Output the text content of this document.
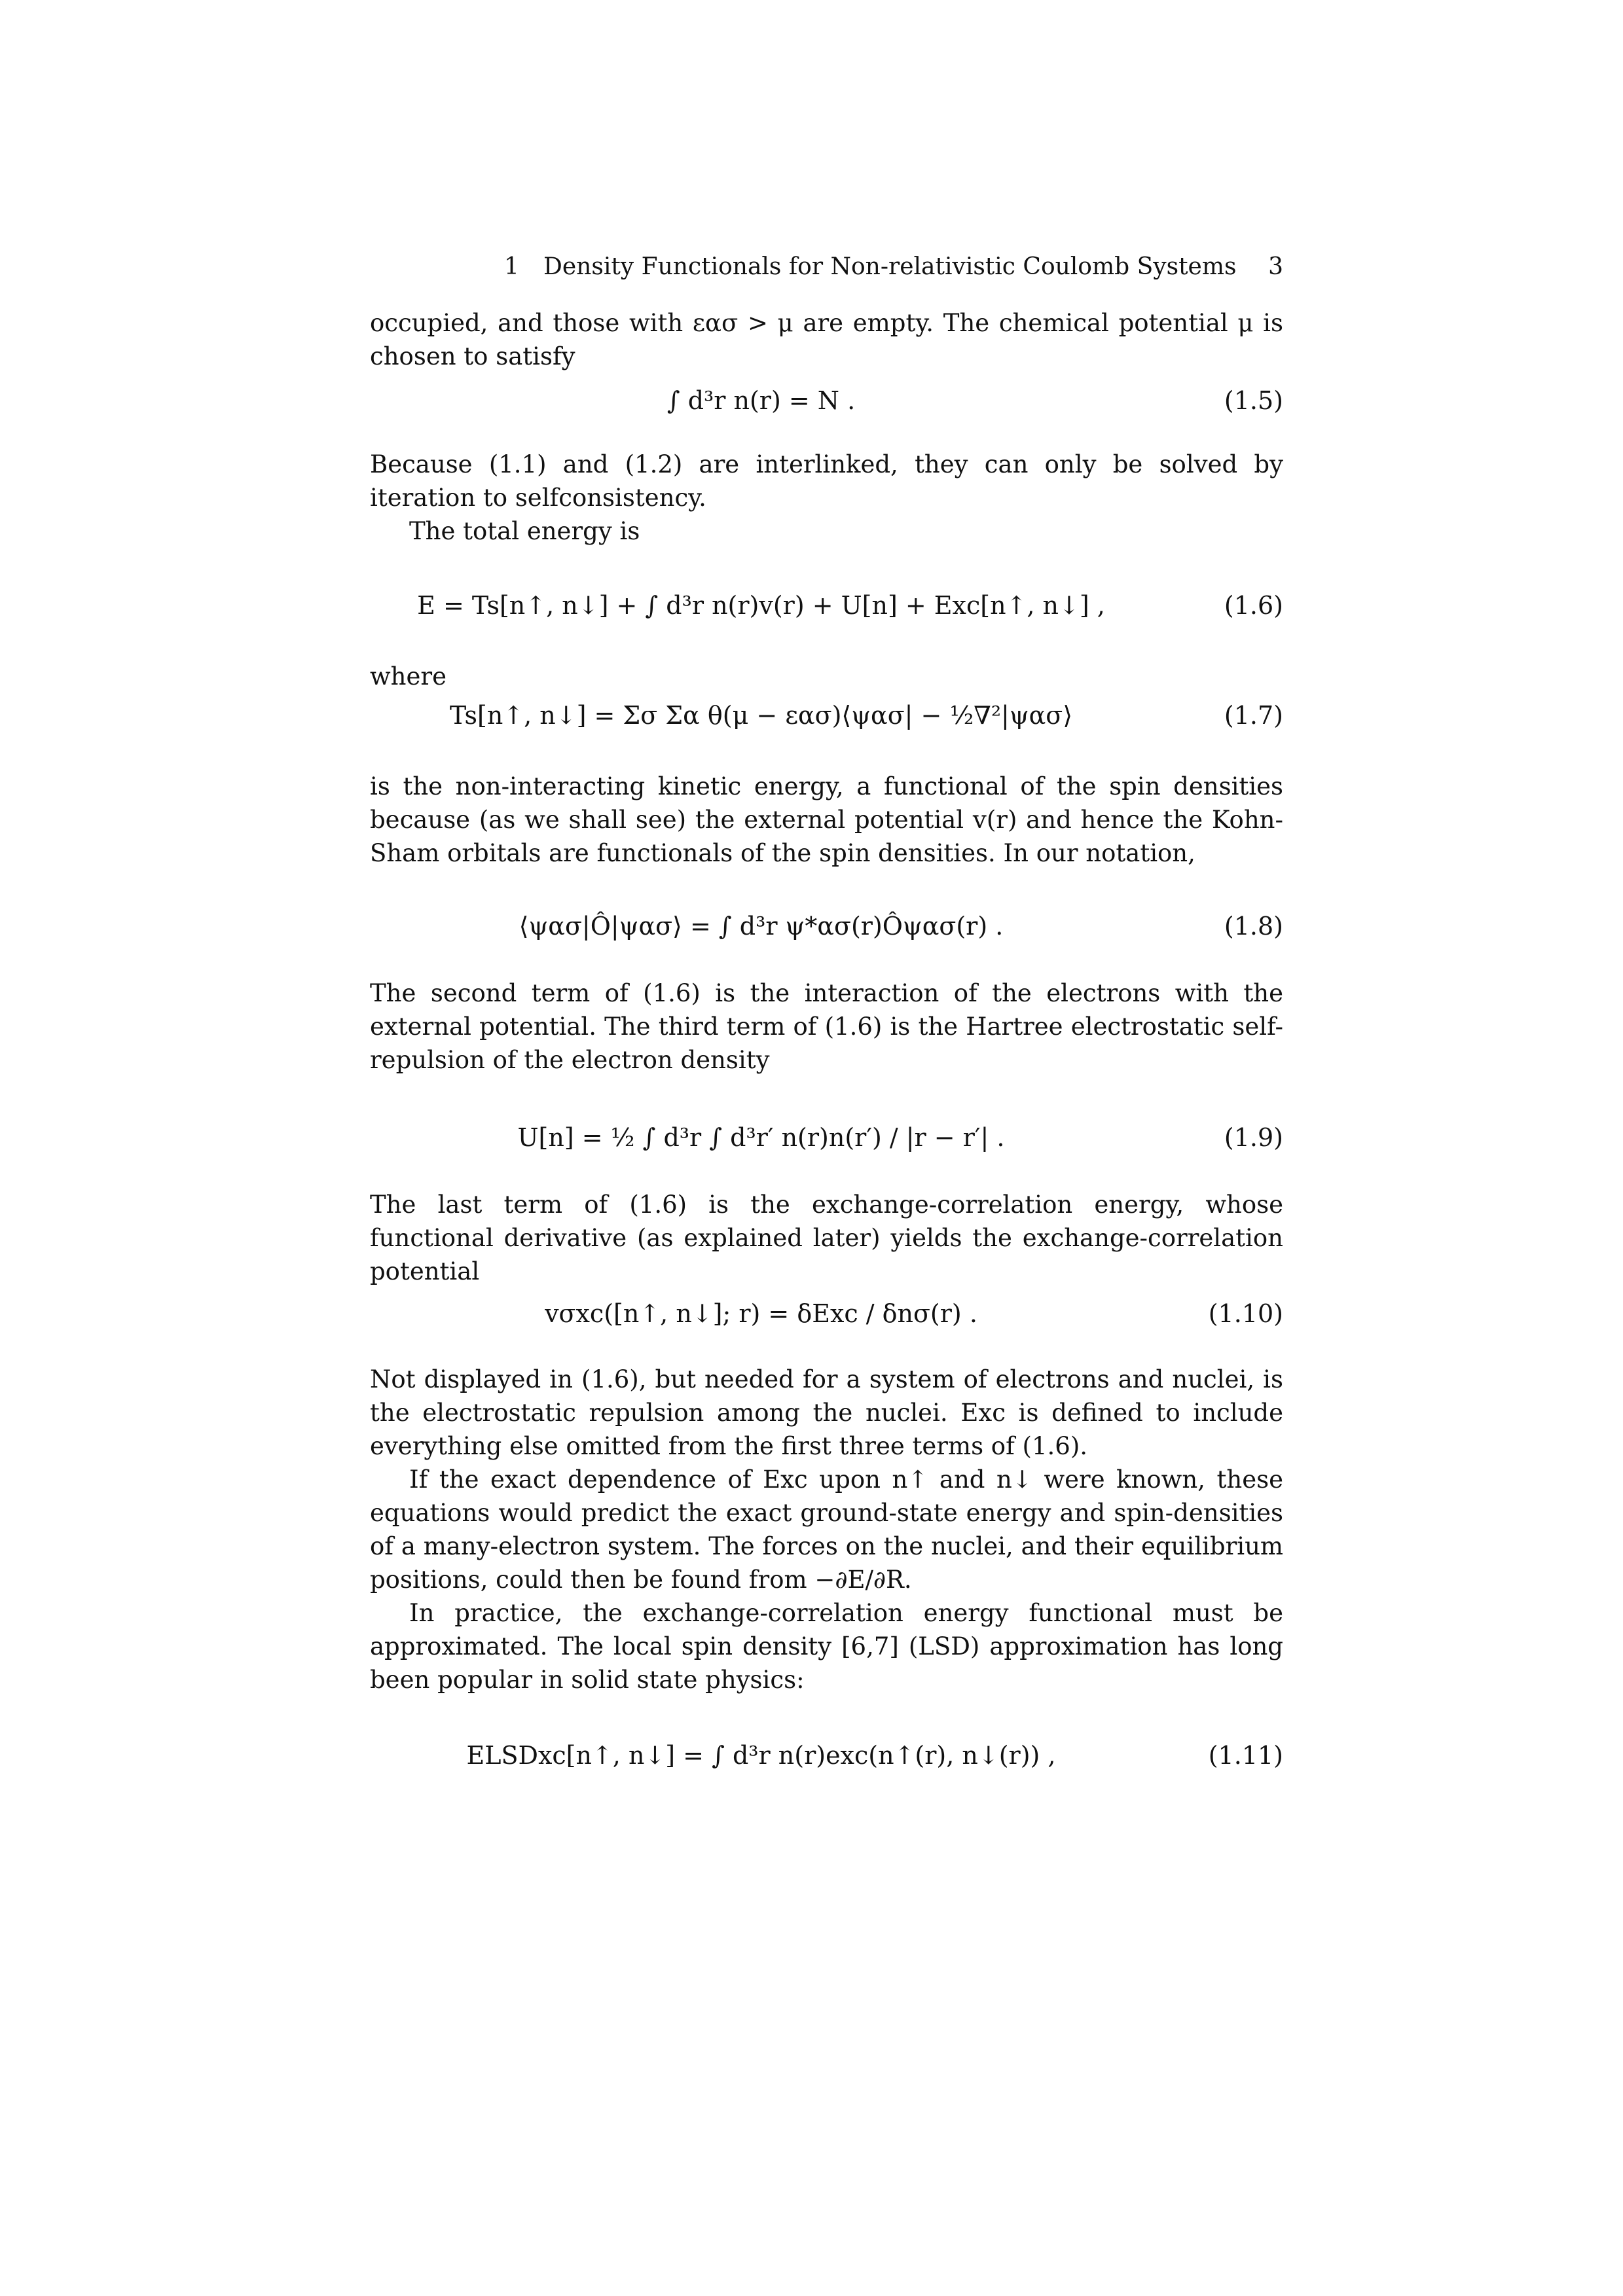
1 Density Functionals for Non-relativistic Coulomb Systems 3
occupied, and those with εασ > μ are empty. The chemical potential μ is chosen to satisfy
∫ d³r n(r) = N .	(1.5)
Because (1.1) and (1.2) are interlinked, they can only be solved by iteration to selfconsistency.
The total energy is
E = Ts[n↑, n↓] + ∫ d³r n(r)v(r) + U[n] + Exc[n↑, n↓] ,	(1.6)
where
Ts[n↑, n↓] = Σσ Σα θ(μ − εασ)⟨ψασ| − ½∇²|ψασ⟩	(1.7)
is the non-interacting kinetic energy, a functional of the spin densities because (as we shall see) the external potential v(r) and hence the Kohn-Sham orbitals are functionals of the spin densities. In our notation,
⟨ψασ|Ô|ψασ⟩ = ∫ d³r ψ*ασ(r)Ôψασ(r) .	(1.8)
The second term of (1.6) is the interaction of the electrons with the external potential. The third term of (1.6) is the Hartree electrostatic self-repulsion of the electron density
U[n] = ½ ∫ d³r ∫ d³r′ n(r)n(r′) / |r − r′| .	(1.9)
The last term of (1.6) is the exchange-correlation energy, whose functional derivative (as explained later) yields the exchange-correlation potential
vσxc([n↑, n↓]; r) = δExc / δnσ(r) .	(1.10)
Not displayed in (1.6), but needed for a system of electrons and nuclei, is the electrostatic repulsion among the nuclei. Exc is defined to include everything else omitted from the first three terms of (1.6).
If the exact dependence of Exc upon n↑ and n↓ were known, these equations would predict the exact ground-state energy and spin-densities of a many-electron system. The forces on the nuclei, and their equilibrium positions, could then be found from −∂E/∂R.
In practice, the exchange-correlation energy functional must be approximated. The local spin density [6,7] (LSD) approximation has long been popular in solid state physics:
ELSDxc[n↑, n↓] = ∫ d³r n(r)exc(n↑(r), n↓(r)) ,	(1.11)
